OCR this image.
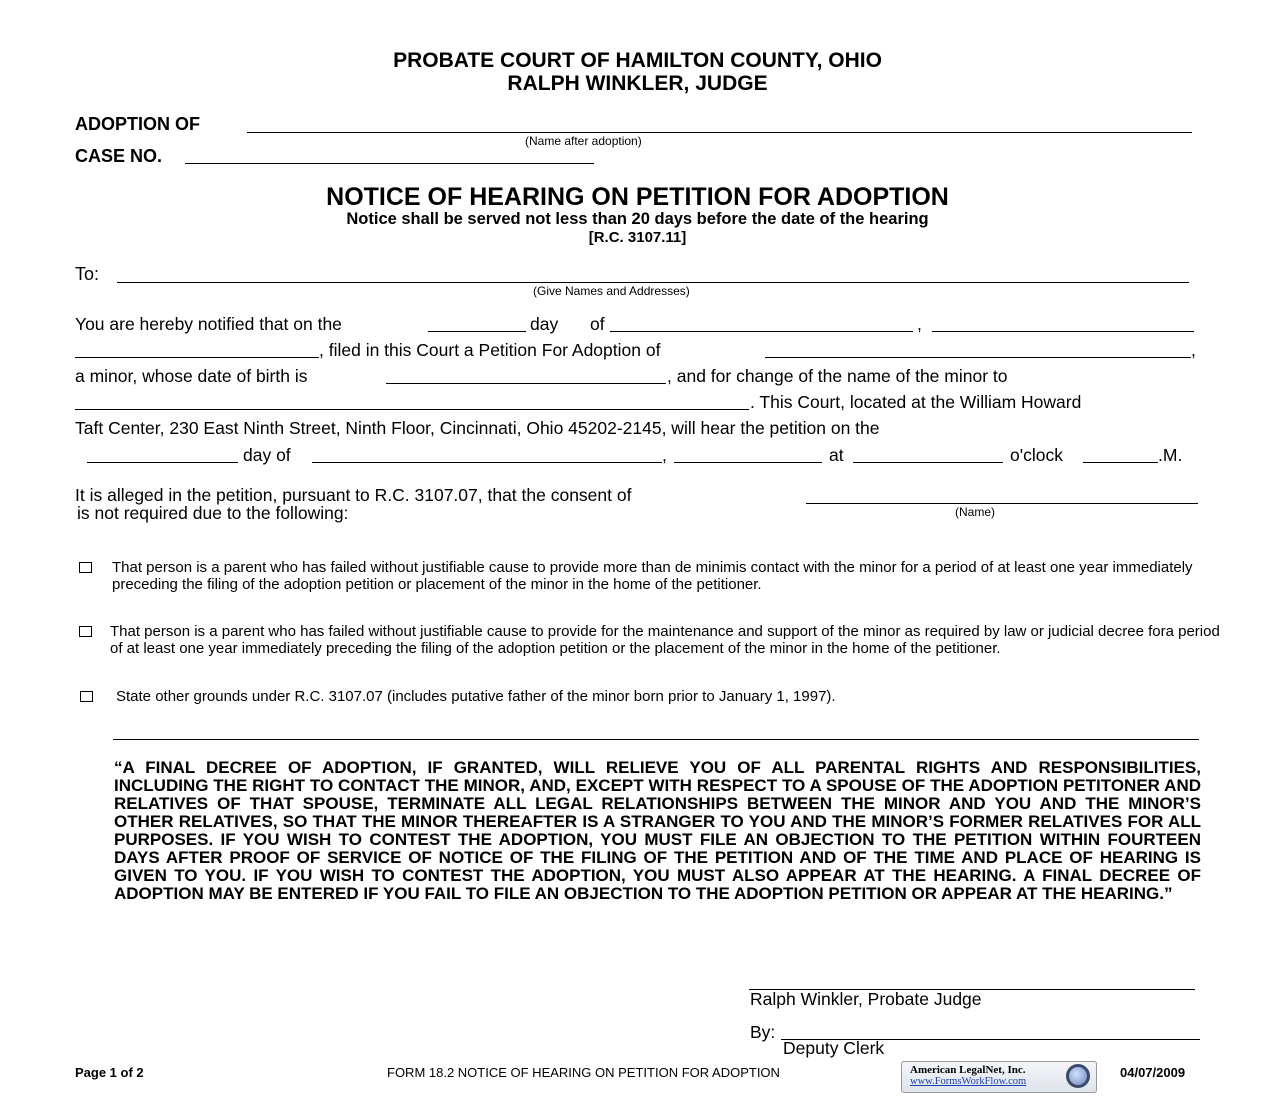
PROBATE COURT OF HAMILTON COUNTY, OHIO
RALPH WINKLER, JUDGE
ADOPTION OF
(Name after adoption)
CASE NO.
NOTICE OF HEARING ON PETITION FOR ADOPTION
Notice shall be served not less than 20 days before the date of the hearing
[R.C. 3107.11]
To:
(Give Names and Addresses)
You are hereby notified that on the	day of	,
, filed in this Court a Petition For Adoption of	,
a minor, whose date of birth is	, and for change of the name of the minor to
. This Court, located at the William Howard
Taft Center, 230 East Ninth Street, Ninth Floor, Cincinnati, Ohio 45202-2145, will hear the petition on the
day of	,	at	o'clock	.M.
It is alleged in the petition, pursuant to R.C. 3107.07, that the consent of
is not required due to the following:	(Name)
That person is a parent who has failed without justifiable cause to provide more than de minimis contact with the minor for a period of at least one year immediately preceding the filing of the adoption petition or placement of the minor in the home of the petitioner.
That person is a parent who has failed without justifiable cause to provide for the maintenance and support of the minor as required by law or judicial decree fora period of at least one year immediately preceding the filing of the adoption petition or the placement of the minor in the home of the petitioner.
State other grounds under R.C. 3107.07 (includes putative father of the minor born prior to January 1, 1997).
“A FINAL DECREE OF ADOPTION, IF GRANTED, WILL RELIEVE YOU OF ALL PARENTAL RIGHTS AND RESPONSIBILITIES, INCLUDING THE RIGHT TO CONTACT THE MINOR, AND, EXCEPT WITH RESPECT TO A SPOUSE OF THE ADOPTION PETITONER AND RELATIVES OF THAT SPOUSE, TERMINATE ALL LEGAL RELATIONSHIPS BETWEEN THE MINOR AND YOU AND THE MINOR’S OTHER RELATIVES, SO THAT THE MINOR THEREAFTER IS A STRANGER TO YOU AND THE MINOR’S FORMER RELATIVES FOR ALL PURPOSES. IF YOU WISH TO CONTEST THE ADOPTION, YOU MUST FILE AN OBJECTION TO THE PETITION WITHIN FOURTEEN DAYS AFTER PROOF OF SERVICE OF NOTICE OF THE FILING OF THE PETITION AND OF THE TIME AND PLACE OF HEARING IS GIVEN TO YOU. IF YOU WISH TO CONTEST THE ADOPTION, YOU MUST ALSO APPEAR AT THE HEARING. A FINAL DECREE OF ADOPTION MAY BE ENTERED IF YOU FAIL TO FILE AN OBJECTION TO THE ADOPTION PETITION OR APPEAR AT THE HEARING.”
Ralph Winkler, Probate Judge
By:
Deputy Clerk
Page 1 of 2	FORM 18.2 NOTICE OF HEARING ON PETITION FOR ADOPTION	American LegalNet, Inc.
www.FormsWorkFlow.com
04/07/2009
